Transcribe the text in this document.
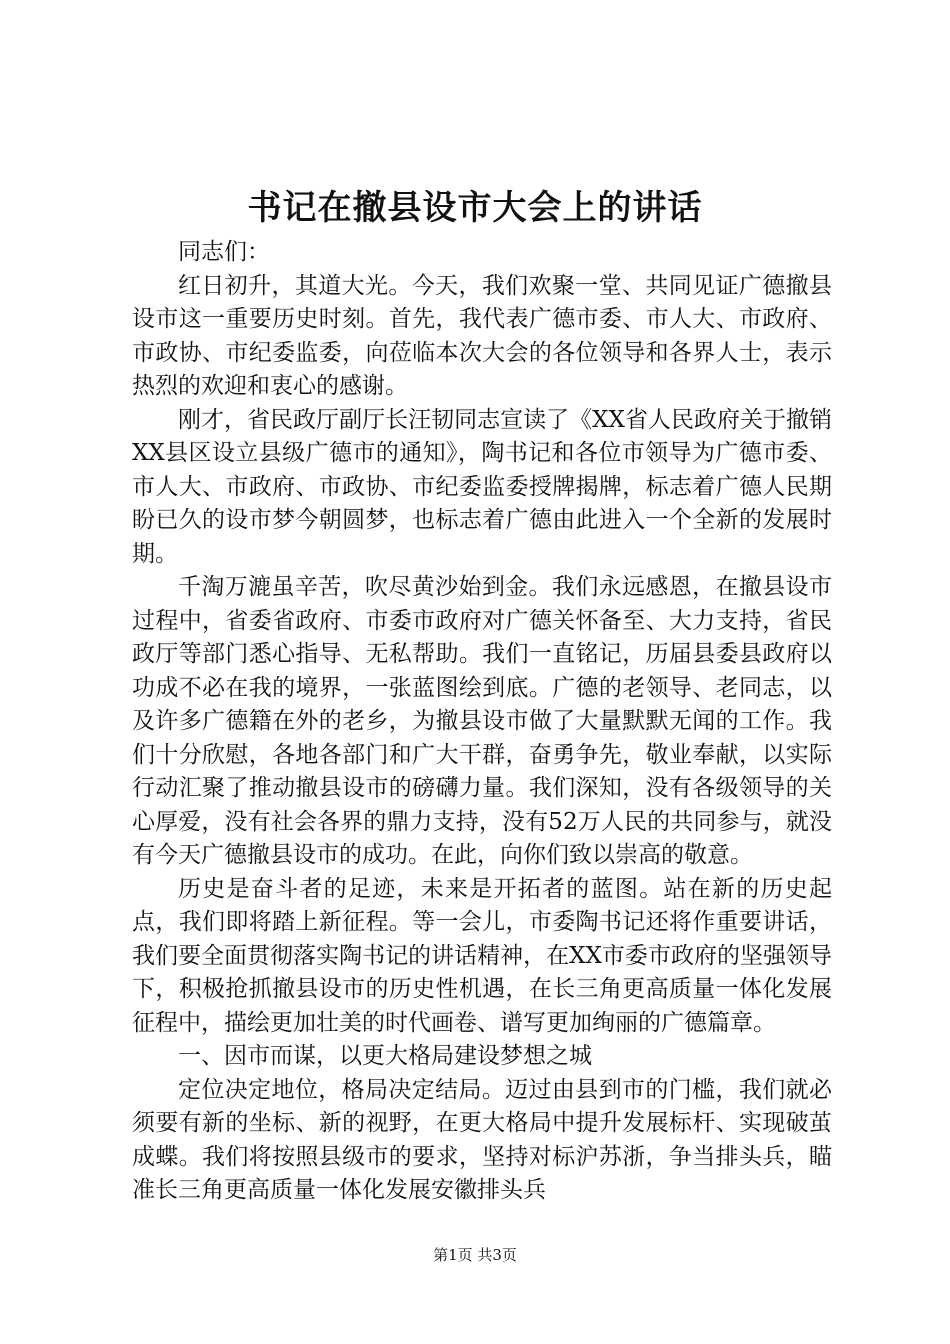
书记在撤县设市大会上的讲话

同志们：

红日初升，其道大光。今天，我们欢聚一堂、共同见证广德撤县设市这一重要历史时刻。首先，我代表广德市委、市人大、市政府、市政协、市纪委监委，向莅临本次大会的各位领导和各界人士，表示热烈的欢迎和衷心的感谢。

刚才，省民政厅副厅长汪韧同志宣读了《XX省人民政府关于撤销XX县区设立县级广德市的通知》，陶书记和各位市领导为广德市委、市人大、市政府、市政协、市纪委监委授牌揭牌，标志着广德人民期盼已久的设市梦今朝圆梦，也标志着广德由此进入一个全新的发展时期。

千淘万漉虽辛苦，吹尽黄沙始到金。我们永远感恩，在撤县设市过程中，省委省政府、市委市政府对广德关怀备至、大力支持，省民政厅等部门悉心指导、无私帮助。我们一直铭记，历届县委县政府以功成不必在我的境界，一张蓝图绘到底。广德的老领导、老同志，以及许多广德籍在外的老乡，为撤县设市做了大量默默无闻的工作。我们十分欣慰，各地各部门和广大干群，奋勇争先，敬业奉献，以实际行动汇聚了推动撤县设市的磅礴力量。我们深知，没有各级领导的关心厚爱，没有社会各界的鼎力支持，没有52万人民的共同参与，就没有今天广德撤县设市的成功。在此，向你们致以崇高的敬意。

历史是奋斗者的足迹，未来是开拓者的蓝图。站在新的历史起点，我们即将踏上新征程。等一会儿，市委陶书记还将作重要讲话，我们要全面贯彻落实陶书记的讲话精神，在XX市委市政府的坚强领导下，积极抢抓撤县设市的历史性机遇，在长三角更高质量一体化发展征程中，描绘更加壮美的时代画卷、谱写更加绚丽的广德篇章。

一、因市而谋，以更大格局建设梦想之城

定位决定地位，格局决定结局。迈过由县到市的门槛，我们就必须要有新的坐标、新的视野，在更大格局中提升发展标杆、实现破茧成蝶。我们将按照县级市的要求，坚持对标沪苏浙，争当排头兵，瞄准长三角更高质量一体化发展安徽排头兵

第1页 共3页
